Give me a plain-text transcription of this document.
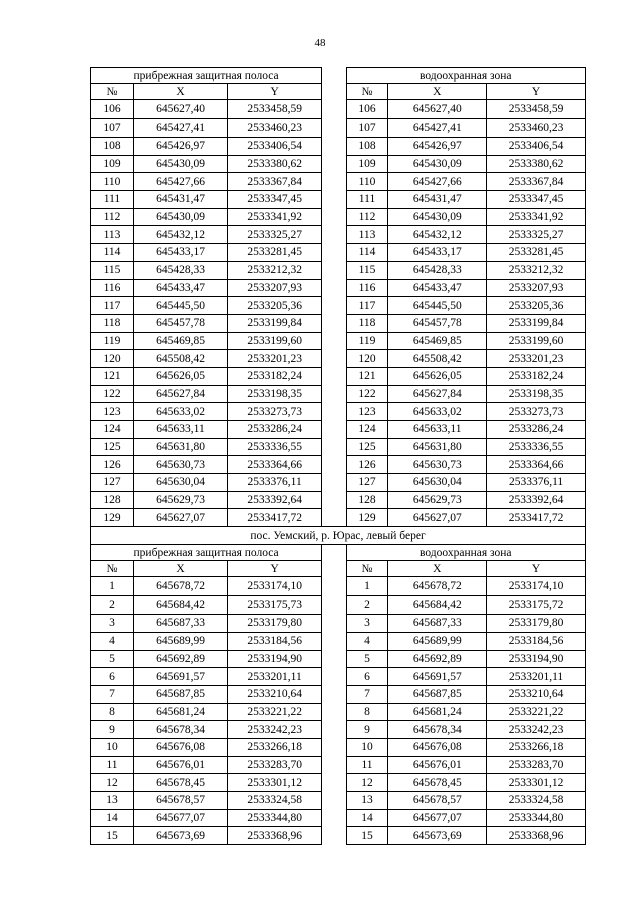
48
прибрежная защитная полоса				водоохранная зона		
№	X	Y		№	X	Y
106	645627,40	2533458,59		106	645627,40	2533458,59
107	645427,41	2533460,23		107	645427,41	2533460,23
108	645426,97	2533406,54		108	645426,97	2533406,54
109	645430,09	2533380,62		109	645430,09	2533380,62
110	645427,66	2533367,84		110	645427,66	2533367,84
111	645431,47	2533347,45		111	645431,47	2533347,45
112	645430,09	2533341,92		112	645430,09	2533341,92
113	645432,12	2533325,27		113	645432,12	2533325,27
114	645433,17	2533281,45		114	645433,17	2533281,45
115	645428,33	2533212,32		115	645428,33	2533212,32
116	645433,47	2533207,93		116	645433,47	2533207,93
117	645445,50	2533205,36		117	645445,50	2533205,36
118	645457,78	2533199,84		118	645457,78	2533199,84
119	645469,85	2533199,60		119	645469,85	2533199,60
120	645508,42	2533201,23		120	645508,42	2533201,23
121	645626,05	2533182,24		121	645626,05	2533182,24
122	645627,84	2533198,35		122	645627,84	2533198,35
123	645633,02	2533273,73		123	645633,02	2533273,73
124	645633,11	2533286,24		124	645633,11	2533286,24
125	645631,80	2533336,55		125	645631,80	2533336,55
126	645630,73	2533364,66		126	645630,73	2533364,66
127	645630,04	2533376,11		127	645630,04	2533376,11
128	645629,73	2533392,64		128	645629,73	2533392,64
129	645627,07	2533417,72		129	645627,07	2533417,72
пос. Уемский, р. Юрас, левый берег						
прибрежная защитная полоса				водоохранная зона		
№	X	Y		№	X	Y
1	645678,72	2533174,10		1	645678,72	2533174,10
2	645684,42	2533175,73		2	645684,42	2533175,72
3	645687,33	2533179,80		3	645687,33	2533179,80
4	645689,99	2533184,56		4	645689,99	2533184,56
5	645692,89	2533194,90		5	645692,89	2533194,90
6	645691,57	2533201,11		6	645691,57	2533201,11
7	645687,85	2533210,64		7	645687,85	2533210,64
8	645681,24	2533221,22		8	645681,24	2533221,22
9	645678,34	2533242,23		9	645678,34	2533242,23
10	645676,08	2533266,18		10	645676,08	2533266,18
11	645676,01	2533283,70		11	645676,01	2533283,70
12	645678,45	2533301,12		12	645678,45	2533301,12
13	645678,57	2533324,58		13	645678,57	2533324,58
14	645677,07	2533344,80		14	645677,07	2533344,80
15	645673,69	2533368,96		15	645673,69	2533368,96
